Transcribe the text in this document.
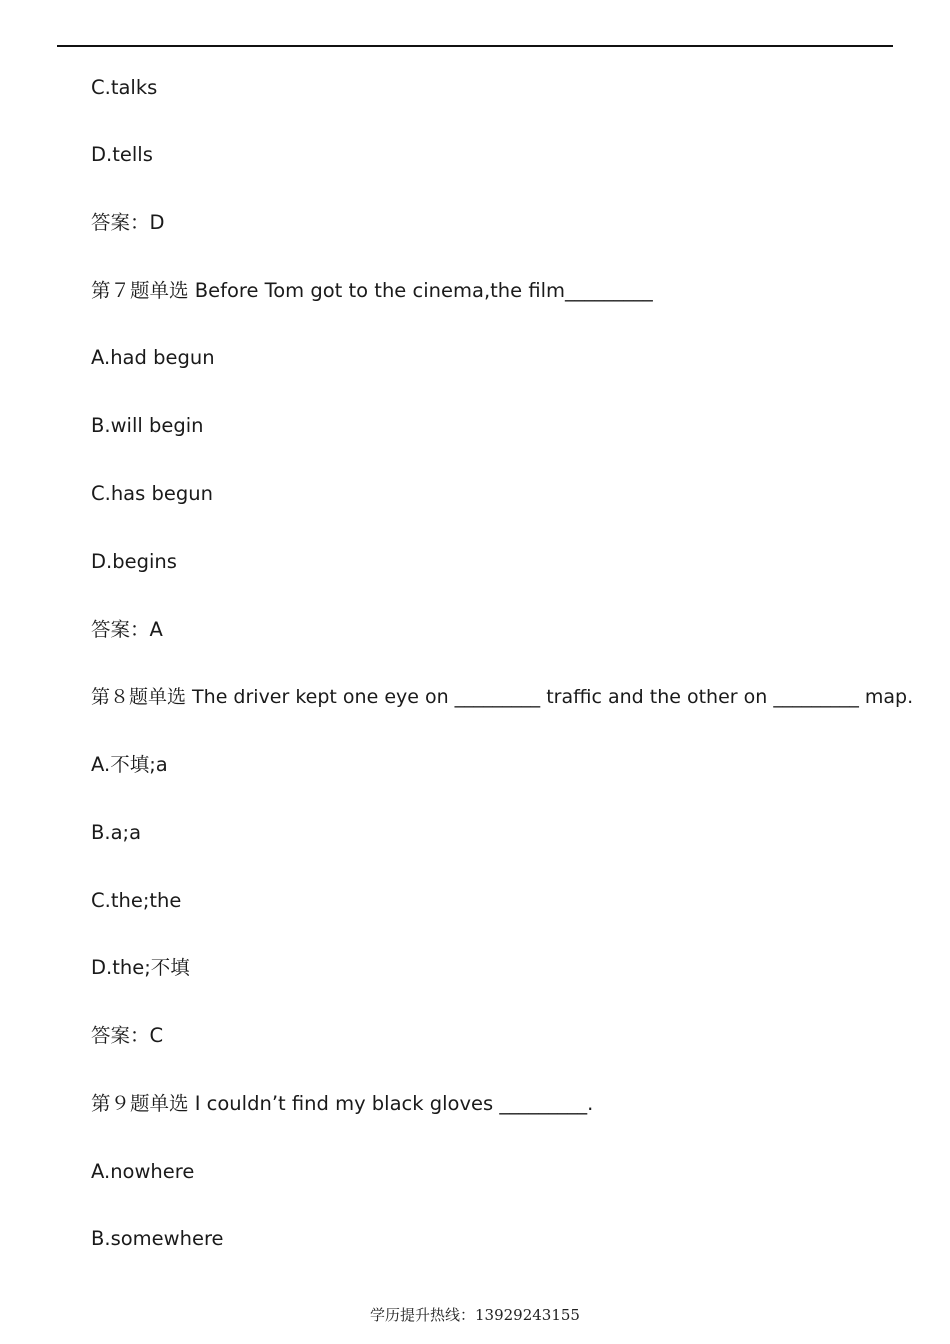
C.talks
D.tells
答案：D
第７题单选 Before Tom got to the cinema,the film_________
A.had begun
B.will begin
C.has begun
D.begins
答案：A
第８题单选 The driver kept one eye on _________ traffic and the other on _________ map.
A.不填;a
B.a;a
C.the;the
D.the;不填
答案：C
第９题单选 I couldn’t find my black gloves _________.
A.nowhere
B.somewhere
学历提升热线：13929243155
